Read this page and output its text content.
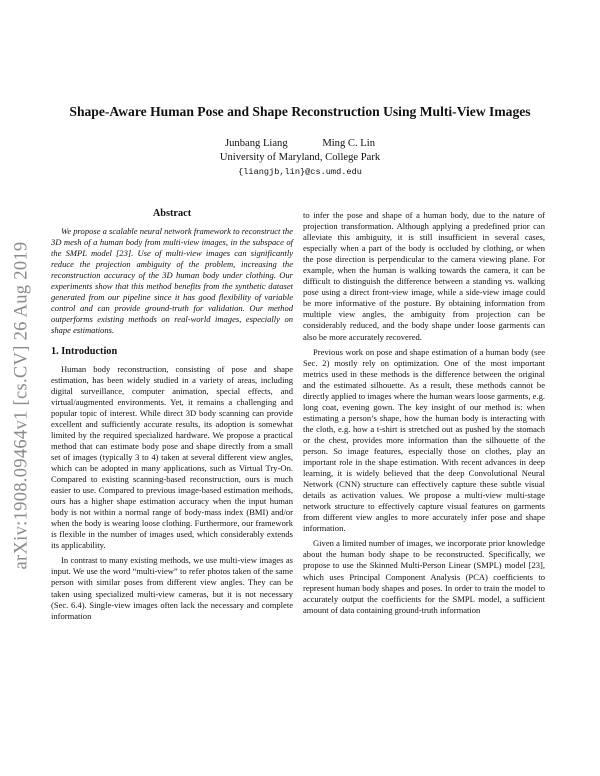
arXiv:1908.09464v1 [cs.CV] 26 Aug 2019
Shape-Aware Human Pose and Shape Reconstruction Using Multi-View Images
Junbang Liang	Ming C. Lin
University of Maryland, College Park
{liangjb,lin}@cs.umd.edu
Abstract
We propose a scalable neural network framework to reconstruct the 3D mesh of a human body from multi-view images, in the subspace of the SMPL model [23]. Use of multi-view images can significantly reduce the projection ambiguity of the problem, increasing the reconstruction accuracy of the 3D human body under clothing. Our experiments show that this method benefits from the synthetic dataset generated from our pipeline since it has good flexibility of variable control and can provide ground-truth for validation. Our method outperforms existing methods on real-world images, especially on shape estimations.
1. Introduction
Human body reconstruction, consisting of pose and shape estimation, has been widely studied in a variety of areas, including digital surveillance, computer animation, special effects, and virtual/augmented environments. Yet, it remains a challenging and popular topic of interest. While direct 3D body scanning can provide excellent and sufficiently accurate results, its adoption is somewhat limited by the required specialized hardware. We propose a practical method that can estimate body pose and shape directly from a small set of images (typically 3 to 4) taken at several different view angles, which can be adopted in many applications, such as Virtual Try-On. Compared to existing scanning-based reconstruction, ours is much easier to use. Compared to previous image-based estimation methods, ours has a higher shape estimation accuracy when the input human body is not within a normal range of body-mass index (BMI) and/or when the body is wearing loose clothing. Furthermore, our framework is flexible in the number of images used, which considerably extends its applicability.
In contrast to many existing methods, we use multi-view images as input. We use the word “multi-view” to refer photos taken of the same person with similar poses from different view angles. They can be taken using specialized multi-view cameras, but it is not necessary (Sec. 6.4). Single-view images often lack the necessary and complete information
to infer the pose and shape of a human body, due to the nature of projection transformation. Although applying a predefined prior can alleviate this ambiguity, it is still insufficient in several cases, especially when a part of the body is occluded by clothing, or when the pose direction is perpendicular to the camera viewing plane. For example, when the human is walking towards the camera, it can be difficult to distinguish the difference between a standing vs. walking pose using a direct front-view image, while a side-view image could be more informative of the posture. By obtaining information from multiple view angles, the ambiguity from projection can be considerably reduced, and the body shape under loose garments can also be more accurately recovered.
Previous work on pose and shape estimation of a human body (see Sec. 2) mostly rely on optimization. One of the most important metrics used in these methods is the difference between the original and the estimated silhouette. As a result, these methods cannot be directly applied to images where the human wears loose garments, e.g. long coat, evening gown. The key insight of our method is: when estimating a person’s shape, how the human body is interacting with the cloth, e.g. how a t-shirt is stretched out as pushed by the stomach or the chest, provides more information than the silhouette of the person. So image features, especially those on clothes, play an important role in the shape estimation. With recent advances in deep learning, it is widely believed that the deep Convolutional Neural Network (CNN) structure can effectively capture these subtle visual details as activation values. We propose a multi-view multi-stage network structure to effectively capture visual features on garments from different view angles to more accurately infer pose and shape information.
Given a limited number of images, we incorporate prior knowledge about the human body shape to be reconstructed. Specifically, we propose to use the Skinned Multi-Person Linear (SMPL) model [23], which uses Principal Component Analysis (PCA) coefficients to represent human body shapes and poses. In order to train the model to accurately output the coefficients for the SMPL model, a sufficient amount of data containing ground-truth information
